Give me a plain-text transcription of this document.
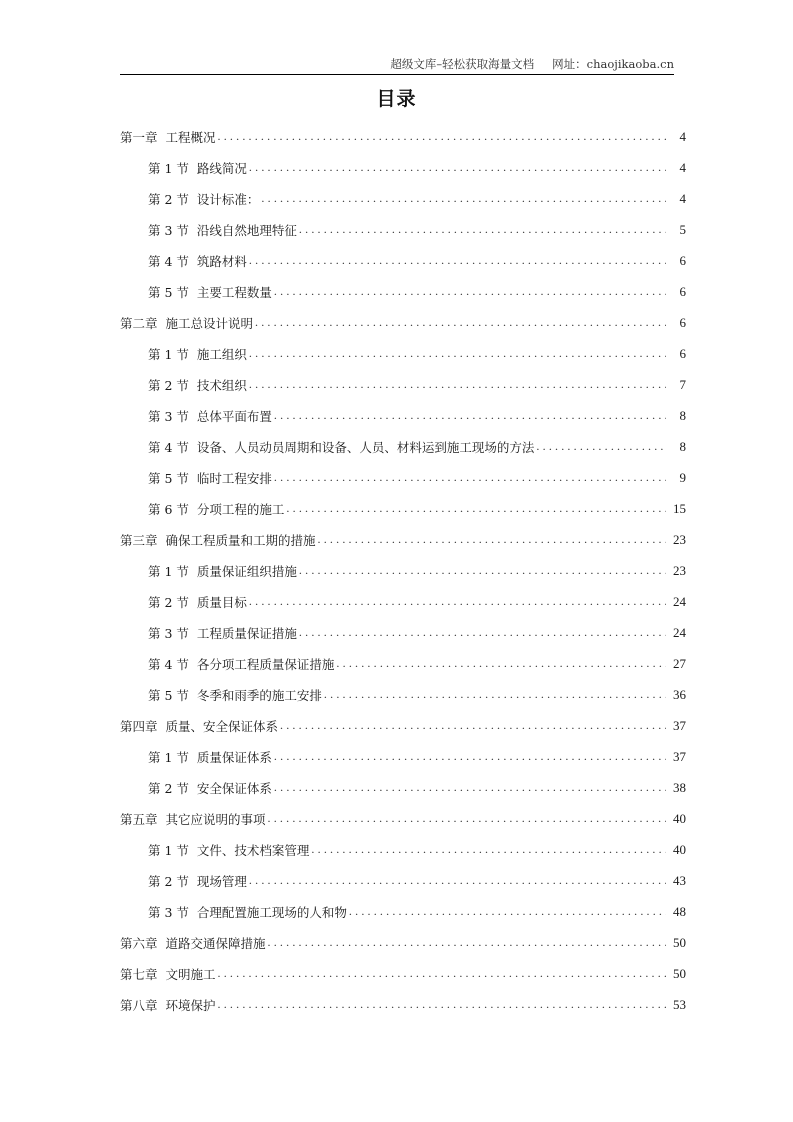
超级文库–轻松获取海量文档 网址：chaojikaoba.cn
目录
第一章 工程概况 .....	4
第 1 节 路线简况 .....	4
第 2 节 设计标准： .....	4
第 3 节 沿线自然地理特征 .....	5
第 4 节 筑路材料 .....	6
第 5 节 主要工程数量 .....	6
第二章 施工总设计说明 .....	6
第 1 节 施工组织 .....	6
第 2 节 技术组织 .....	7
第 3 节 总体平面布置 .....	8
第 4 节 设备、人员动员周期和设备、人员、材料运到施工现场的方法 .....	8
第 5 节 临时工程安排 .....	9
第 6 节 分项工程的施工 .....	15
第三章 确保工程质量和工期的措施 .....	23
第 1 节 质量保证组织措施 .....	23
第 2 节 质量目标 .....	24
第 3 节 工程质量保证措施 .....	24
第 4 节 各分项工程质量保证措施 .....	27
第 5 节 冬季和雨季的施工安排 .....	36
第四章 质量、安全保证体系 .....	37
第 1 节 质量保证体系 .....	37
第 2 节 安全保证体系 .....	38
第五章 其它应说明的事项 .....	40
第 1 节 文件、技术档案管理 .....	40
第 2 节 现场管理 .....	43
第 3 节 合理配置施工现场的人和物 .....	48
第六章 道路交通保障措施 .....	50
第七章 文明施工 .....	50
第八章 环境保护 .....	53
